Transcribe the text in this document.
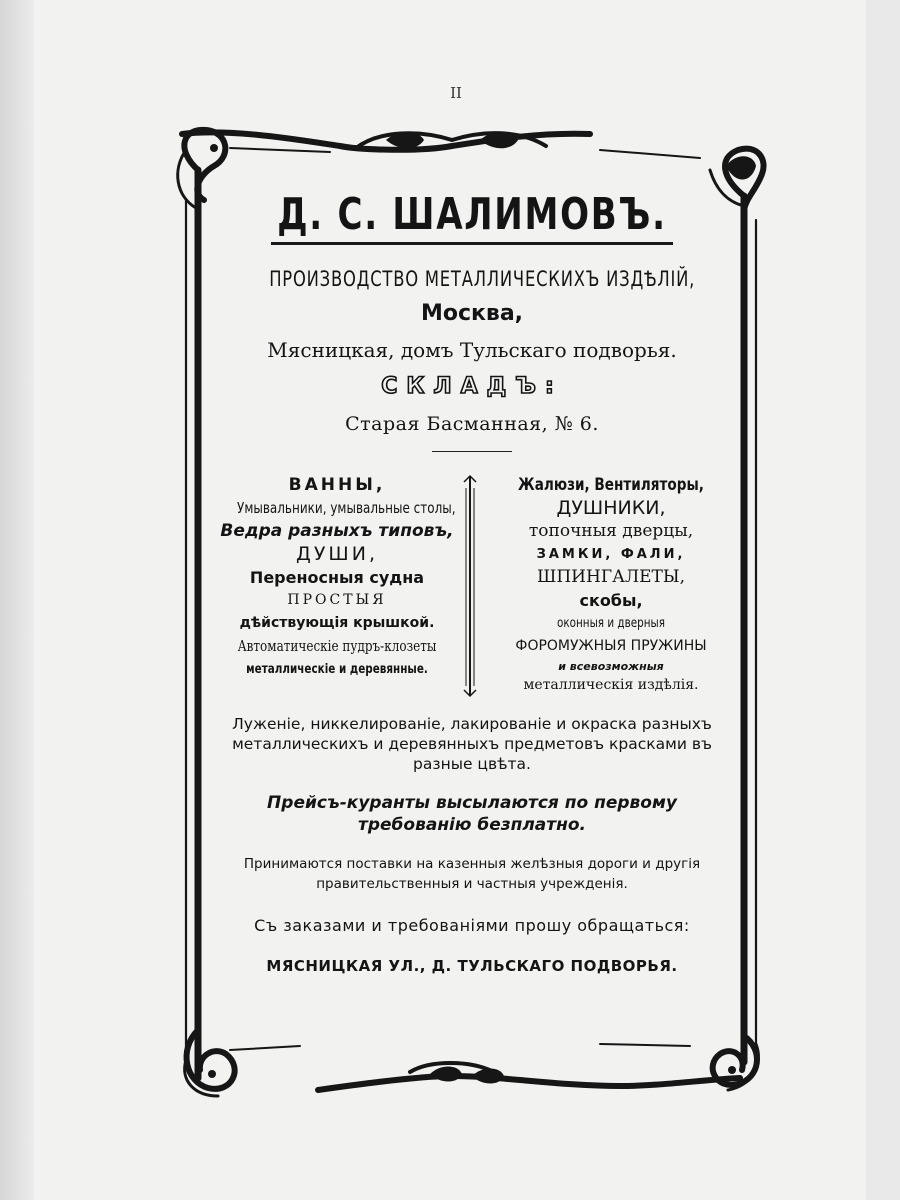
II
Д. С. ШАЛИМОВЪ.
ПРОИЗВОДСТВО МЕТАЛЛИЧЕСКИХЪ ИЗДѢЛІЙ,
Москва,
Мясницкая, домъ Тульскаго подворья.
СКЛАДЪ:
Старая Басманная, № 6.
ВАННЫ,
Умывальники, умывальные столы,
Ведра разныхъ типовъ,
ДУШИ,
Переносныя судна
ПРОСТЫЯ
дѣйствующія крышкой.
Автоматическіе пудръ-клозеты
металлическіе и деревянные.
Жалюзи, Вентиляторы,
ДУШНИКИ,
топочныя дверцы,
ЗАМКИ, ФАЛИ,
ШПИНГАЛЕТЫ,
скобы,
оконныя и дверныя
ФОРОМУЖНЫЯ ПРУЖИНЫ
и всевозможныя
металлическія издѣлія.
Луженіе, никкелированіе, лакированіе и окраска разныхъ металлическихъ и деревянныхъ предметовъ красками въ разные цвѣта.
Прейсъ-куранты высылаются по первому требованію безплатно.
Принимаются поставки на казенныя желѣзныя дороги и другія правительственныя и частныя учрежденія.
Съ заказами и требованіями прошу обращаться:
МЯСНИЦКАЯ УЛ., Д. ТУЛЬСКАГО ПОДВОРЬЯ.
